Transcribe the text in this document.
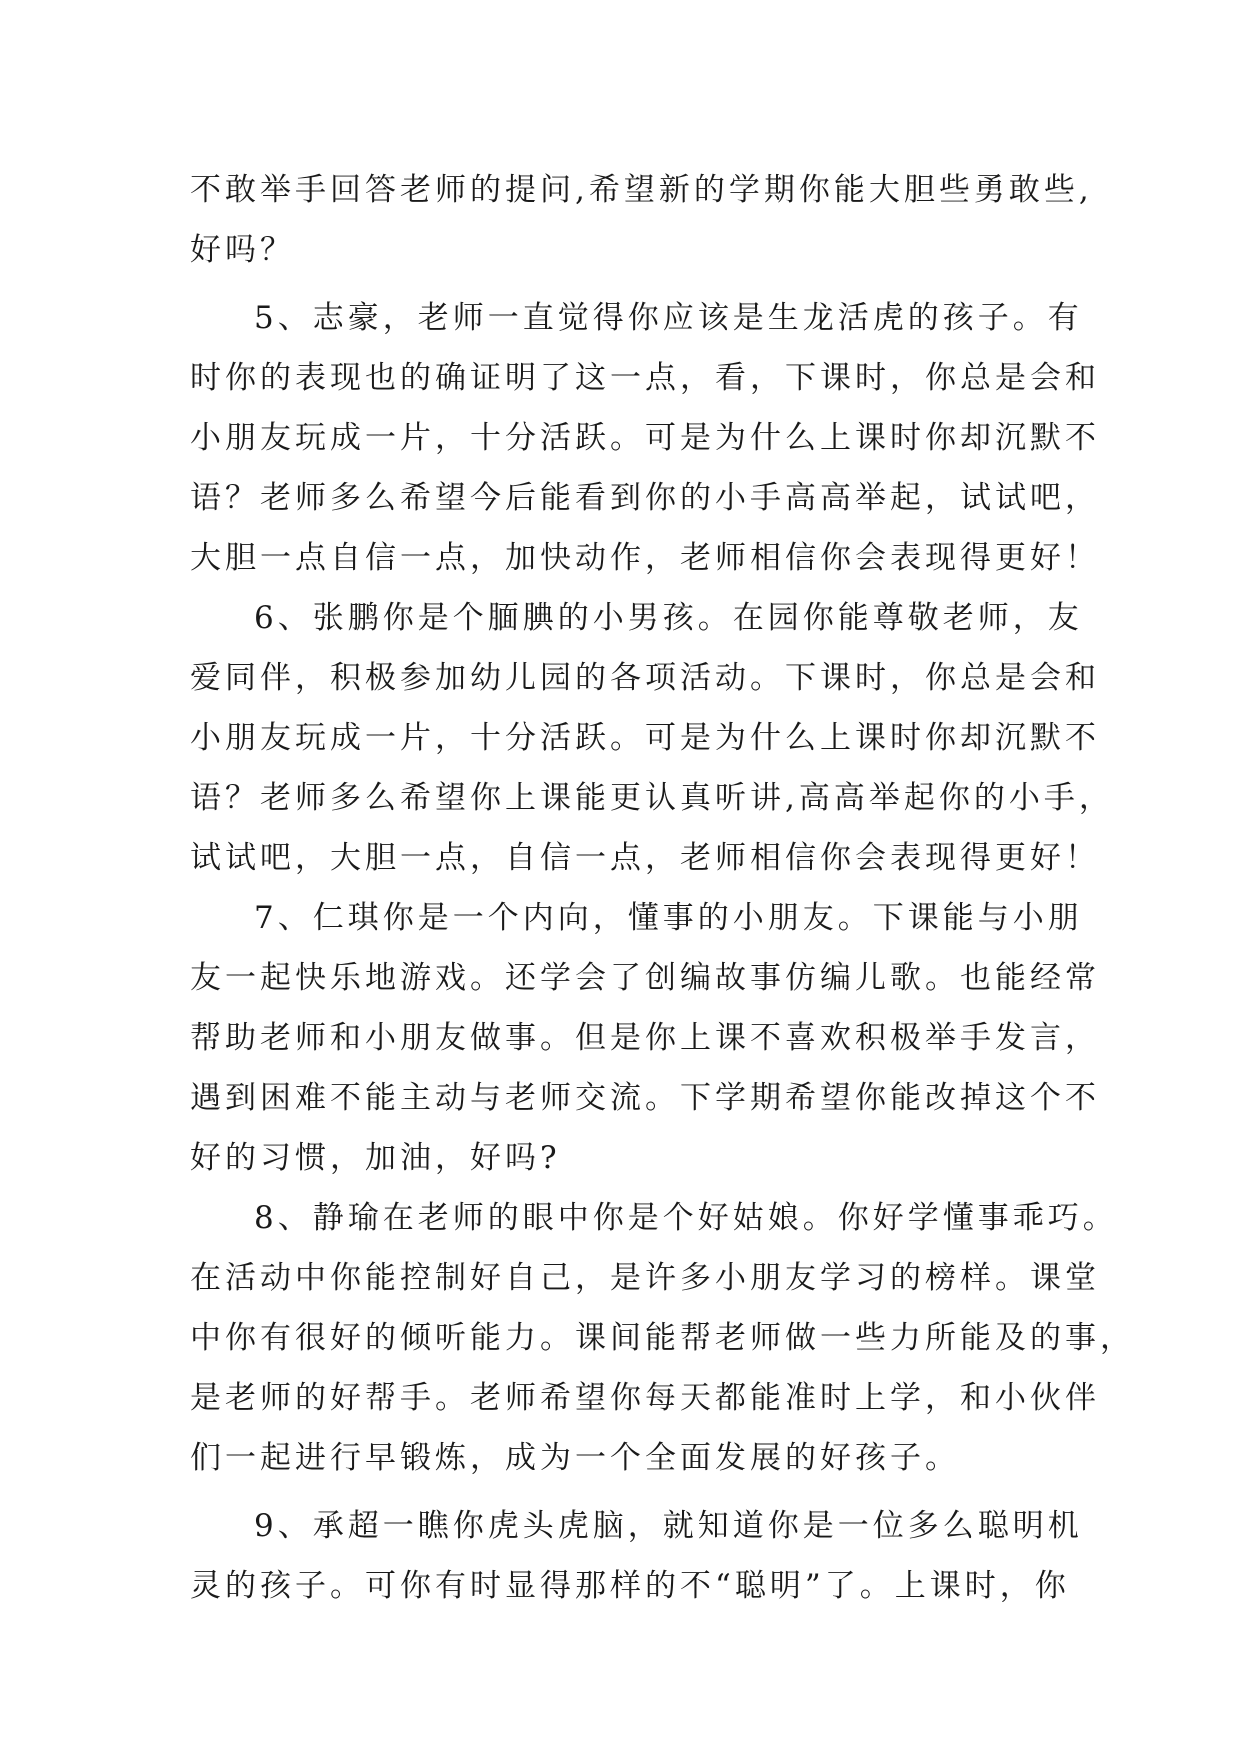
不敢举手回答老师的提问,希望新的学期你能大胆些勇敢些,
好吗？
5、志豪，老师一直觉得你应该是生龙活虎的孩子。有
时你的表现也的确证明了这一点，看，下课时，你总是会和
小朋友玩成一片，十分活跃。可是为什么上课时你却沉默不
语？老师多么希望今后能看到你的小手高高举起，试试吧，
大胆一点自信一点，加快动作，老师相信你会表现得更好！
6、张鹏你是个腼腆的小男孩。在园你能尊敬老师，友
爱同伴，积极参加幼儿园的各项活动。下课时，你总是会和
小朋友玩成一片，十分活跃。可是为什么上课时你却沉默不
语？老师多么希望你上课能更认真听讲,高高举起你的小手，
试试吧，大胆一点，自信一点，老师相信你会表现得更好！
7、仁琪你是一个内向，懂事的小朋友。下课能与小朋
友一起快乐地游戏。还学会了创编故事仿编儿歌。也能经常
帮助老师和小朋友做事。但是你上课不喜欢积极举手发言，
遇到困难不能主动与老师交流。下学期希望你能改掉这个不
好的习惯，加油，好吗?
8、静瑜在老师的眼中你是个好姑娘。你好学懂事乖巧。
在活动中你能控制好自己，是许多小朋友学习的榜样。课堂
中你有很好的倾听能力。课间能帮老师做一些力所能及的事，
是老师的好帮手。老师希望你每天都能准时上学，和小伙伴
们一起进行早锻炼，成为一个全面发展的好孩子。
9、承超一瞧你虎头虎脑，就知道你是一位多么聪明机
灵的孩子。可你有时显得那样的不“聪明”了。上课时，你
